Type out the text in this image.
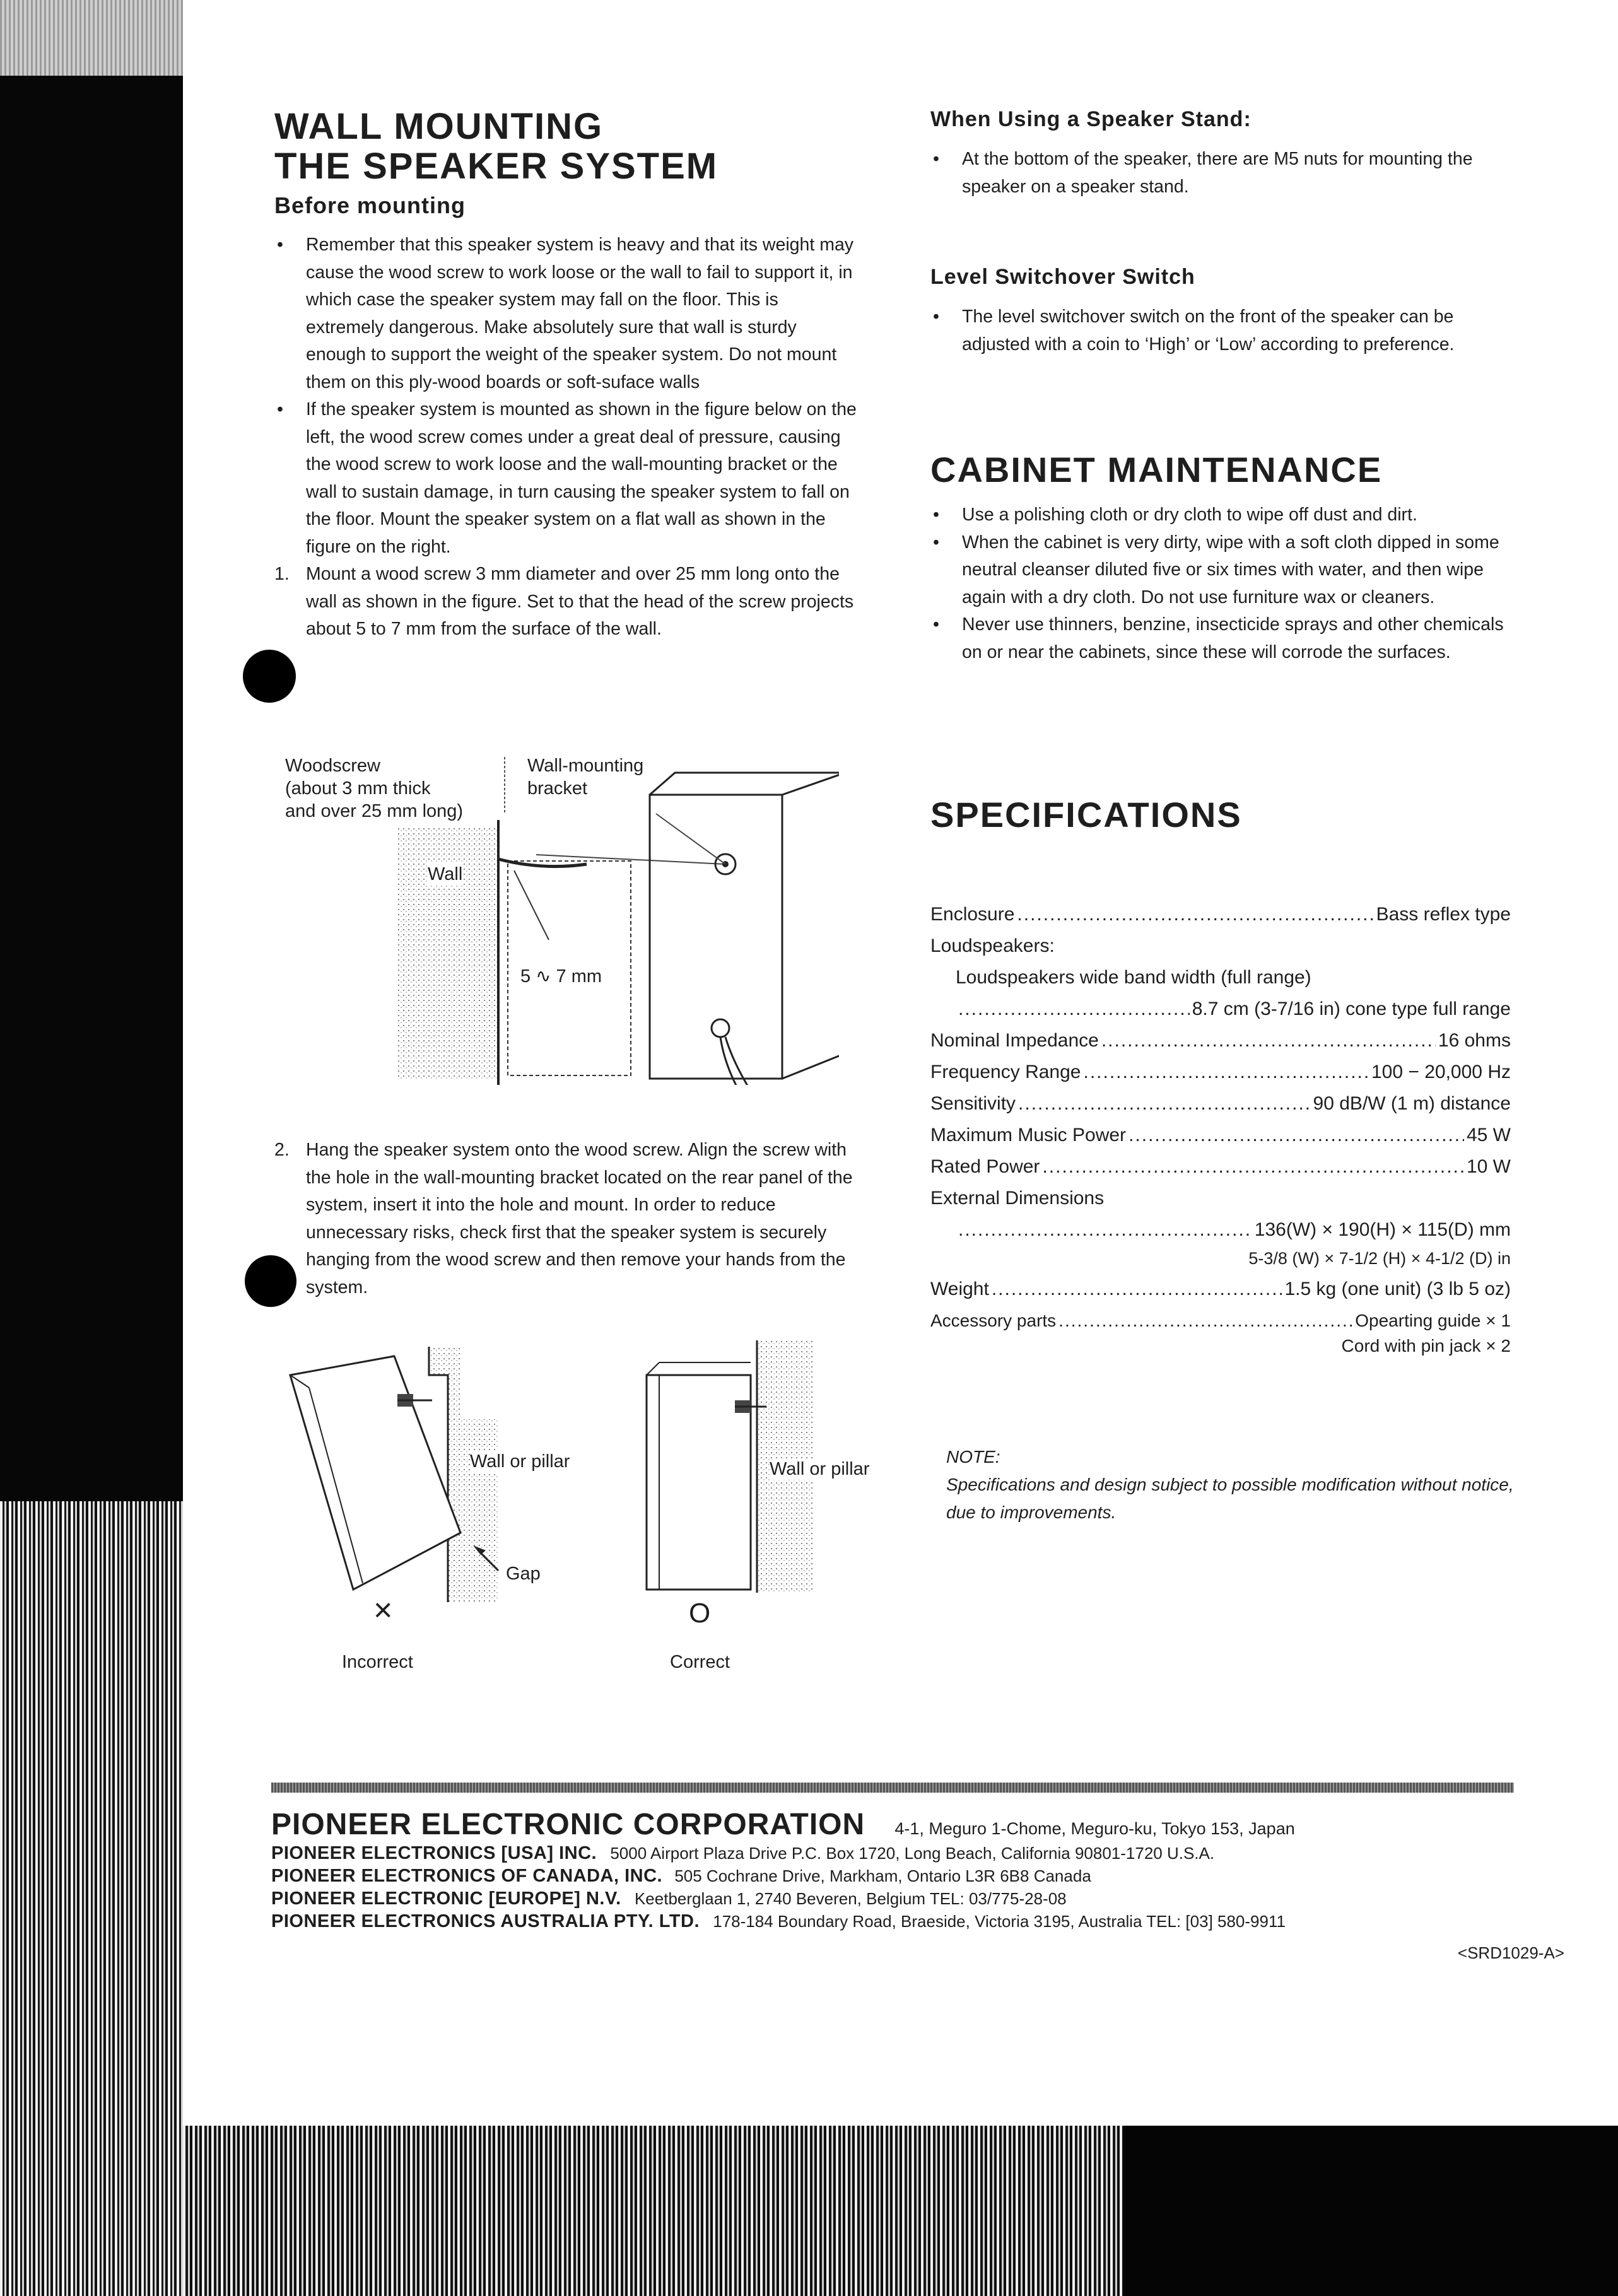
WALL MOUNTING
THE SPEAKER SYSTEM
Before mounting
• Remember that this speaker system is heavy and that its weight may cause the wood screw to work loose or the wall to fail to support it, in which case the speaker system may fall on the floor. This is extremely dangerous. Make absolutely sure that wall is sturdy enough to support the weight of the speaker system. Do not mount them on this ply-wood boards or soft-suface walls
• If the speaker system is mounted as shown in the figure below on the left, the wood screw comes under a great deal of pressure, causing the wood screw to work loose and the wall-mounting bracket or the wall to sustain damage, in turn causing the speaker system to fall on the floor. Mount the speaker system on a flat wall as shown in the figure on the right.
1. Mount a wood screw 3 mm diameter and over 25 mm long onto the wall as shown in the figure. Set to that the head of the screw projects about 5 to 7 mm from the surface of the wall.
Woodscrew
(about 3 mm thick
and over 25 mm long)
Wall-mounting
bracket
Wall
5 ∿ 7 mm
2. Hang the speaker system onto the wood screw. Align the screw with the hole in the wall-mounting bracket located on the rear panel of the system, insert it into the hole and mount. In order to reduce unnecessary risks, check first that the speaker system is securely hanging from the wood screw and then remove your hands from the system.
Wall or pillar
Gap
×
Incorrect
Wall or pillar
O
Correct
When Using a Speaker Stand:
• At the bottom of the speaker, there are M5 nuts for mounting the speaker on a speaker stand.
Level Switchover Switch
• The level switchover switch on the front of the speaker can be adjusted with a coin to ‘High’ or ‘Low’ according to preference.
CABINET MAINTENANCE
• Use a polishing cloth or dry cloth to wipe off dust and dirt.
• When the cabinet is very dirty, wipe with a soft cloth dipped in some neutral cleanser diluted five or six times with water, and then wipe again with a dry cloth. Do not use furniture wax or cleaners.
• Never use thinners, benzine, insecticide sprays and other chemicals on or near the cabinets, since these will corrode the surfaces.
SPECIFICATIONS
Enclosure .....	Bass reflex type
Loudspeakers:
Loudspeakers wide band width (full range)
.....
8.7 cm (3-7/16 in) cone type full range
Nominal Impedance .....	16 ohms
Frequency Range .....	100 − 20,000 Hz
Sensitivity .....	90 dB/W (1 m) distance
Maximum Music Power .....	45 W
Rated Power .....	10 W
External Dimensions
.....
136(W) × 190(H) × 115(D) mm
5-3/8 (W) × 7-1/2 (H) × 4-1/2 (D) in
Weight .....	1.5 kg (one unit) (3 lb 5 oz)
Accessory parts .....	Opearting guide × 1
Cord with pin jack × 2
NOTE:
Specifications and design subject to possible modification without notice, due to improvements.
PIONEER ELECTRONIC CORPORATION 4-1, Meguro 1-Chome, Meguro-ku, Tokyo 153, Japan
PIONEER ELECTRONICS [USA] INC. 5000 Airport Plaza Drive P.C. Box 1720, Long Beach, California 90801-1720 U.S.A.
PIONEER ELECTRONICS OF CANADA, INC. 505 Cochrane Drive, Markham, Ontario L3R 6B8 Canada
PIONEER ELECTRONIC [EUROPE] N.V. Keetberglaan 1, 2740 Beveren, Belgium TEL: 03/775-28-08
PIONEER ELECTRONICS AUSTRALIA PTY. LTD. 178-184 Boundary Road, Braeside, Victoria 3195, Australia TEL: [03] 580-9911
<SRD1029-A>
